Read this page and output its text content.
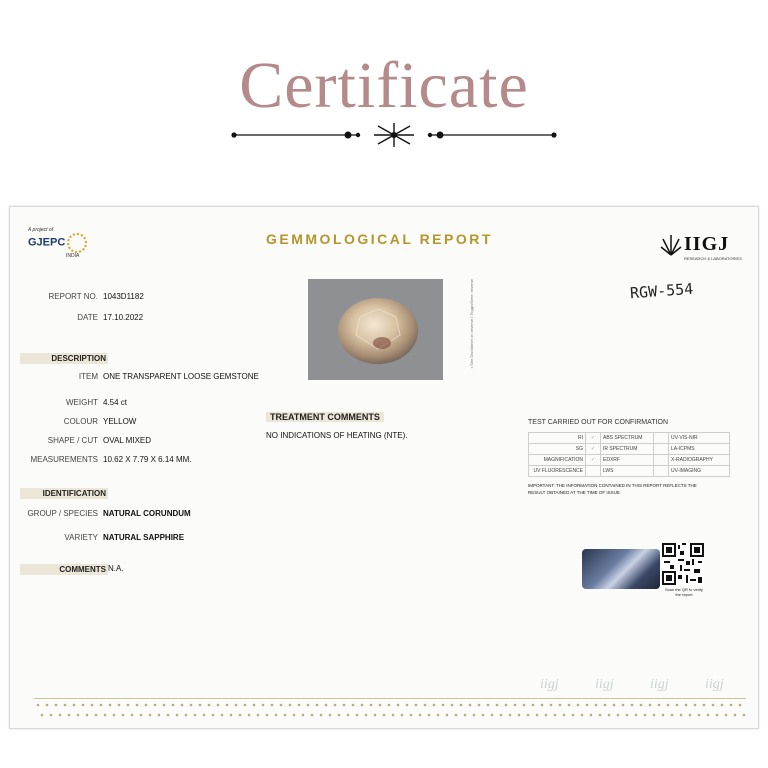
Certificate
A project of
GJEPC
INDIA
GEMMOLOGICAL REPORT	IIGJ
RESEARCH & LABORATORIES
RGW-554
REPORT NO. 1043D1182
DATE 17.10.2022
DESCRIPTION
ITEM ONE TRANSPARENT LOOSE GEMSTONE
WEIGHT 4.54 ct
COLOUR YELLOW
SHAPE / CUT OVAL MIXED
MEASUREMENTS 10.62 X 7.79 X 6.14 MM.
IDENTIFICATION
GROUP / SPECIES NATURAL CORUNDUM
VARIETY NATURAL SAPPHIRE
COMMENTS N.A.
• See Disclaimer on reverse • Подробнее: reverse
TREATMENT COMMENTS
NO INDICATIONS OF HEATING (NTE).
TEST CARRIED OUT FOR CONFIRMATION
RI	✓	ABS SPECTRUM		UV-VIS-NIR
SG	✓	IR SPECTRUM		LA-ICPMS
MAGNIFICATION	✓	EDXRF		X-RADIOGRAPHY
UV FLUORESCENCE		LWS		UV-IMAGING
IMPORTANT: THE INFORMATION CONTAINED IN THIS REPORT REFLECTS THE RESULT OBTAINED AT THE TIME OF ISSUE.
Scan the QR to verify the report
iigj	iigj	iigj	iigj
